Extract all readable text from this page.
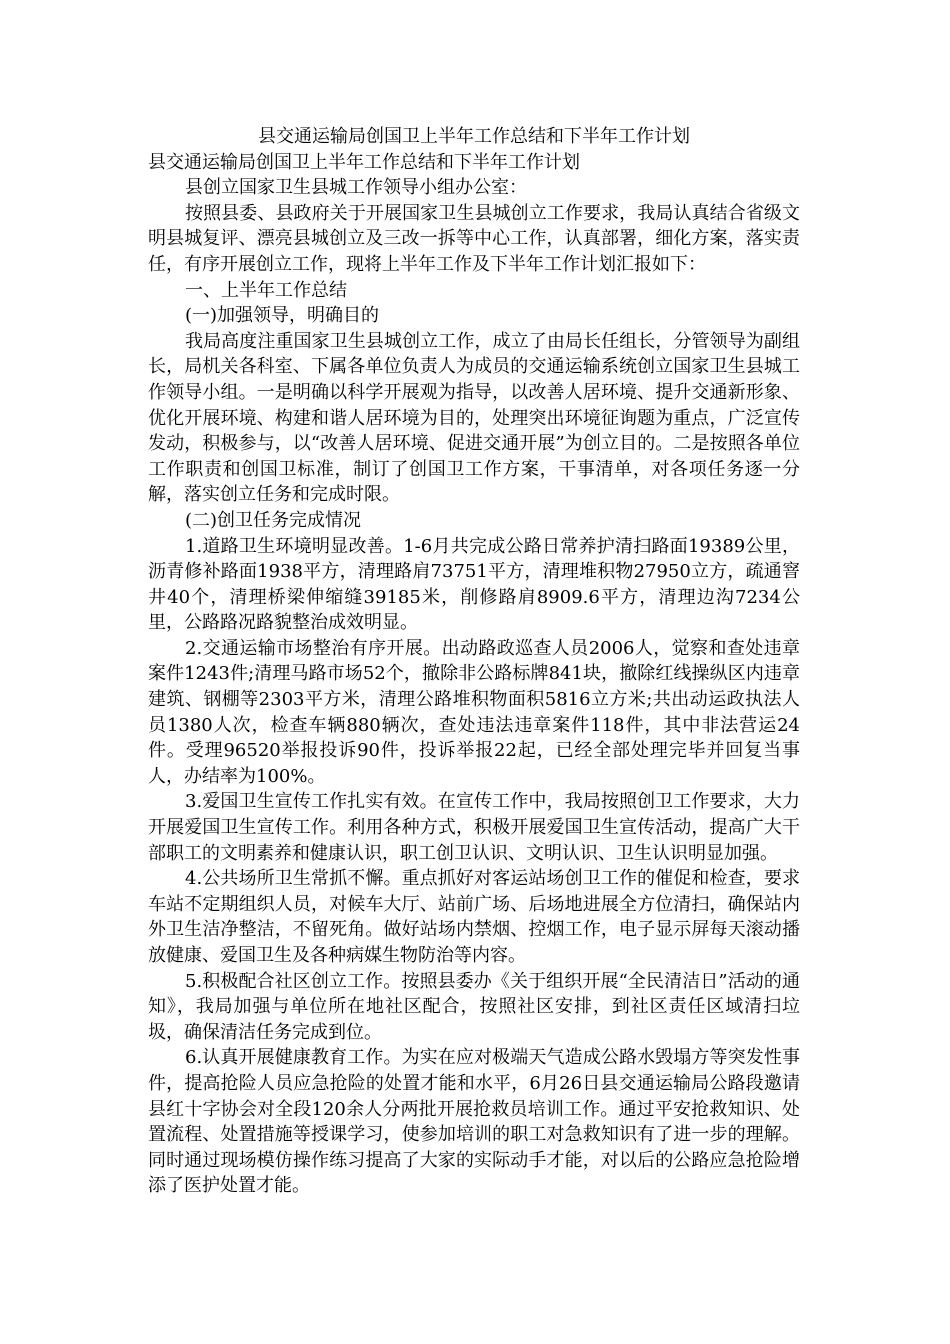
县交通运输局创国卫上半年工作总结和下半年工作计划
县交通运输局创国卫上半年工作总结和下半年工作计划

县创立国家卫生县城工作领导小组办公室：

按照县委、县政府关于开展国家卫生县城创立工作要求，我局认真结合省级文明县城复评、漂亮县城创立及三改一拆等中心工作，认真部署，细化方案，落实责任，有序开展创立工作，现将上半年工作及下半年工作计划汇报如下：

一、上半年工作总结

(一)加强领导，明确目的

我局高度注重国家卫生县城创立工作，成立了由局长任组长，分管领导为副组长，局机关各科室、下属各单位负责人为成员的交通运输系统创立国家卫生县城工作领导小组。一是明确以科学开展观为指导，以改善人居环境、提升交通新形象、优化开展环境、构建和谐人居环境为目的，处理突出环境征询题为重点，广泛宣传发动，积极参与，以“改善人居环境、促进交通开展”为创立目的。二是按照各单位工作职责和创国卫标准，制订了创国卫工作方案，干事清单，对各项任务逐一分解，落实创立任务和完成时限。

(二)创卫任务完成情况

1.道路卫生环境明显改善。1-6月共完成公路日常养护清扫路面19389公里，沥青修补路面1938平方，清理路肩73751平方，清理堆积物27950立方，疏通窨井40个，清理桥梁伸缩缝39185米，削修路肩8909.6平方，清理边沟7234公里，公路路况路貌整治成效明显。

2.交通运输市场整治有序开展。出动路政巡查人员2006人，觉察和查处违章案件1243件;清理马路市场52个，撤除非公路标牌841块，撤除红线操纵区内违章建筑、钢棚等2303平方米，清理公路堆积物面积5816立方米;共出动运政执法人员1380人次，检查车辆880辆次，查处违法违章案件118件，其中非法营运24件。受理96520举报投诉90件，投诉举报22起，已经全部处理完毕并回复当事人，办结率为100%。

3.爱国卫生宣传工作扎实有效。在宣传工作中，我局按照创卫工作要求，大力开展爱国卫生宣传工作。利用各种方式，积极开展爱国卫生宣传活动，提高广大干部职工的文明素养和健康认识，职工创卫认识、文明认识、卫生认识明显加强。

4.公共场所卫生常抓不懈。重点抓好对客运站场创卫工作的催促和检查，要求车站不定期组织人员，对候车大厅、站前广场、后场地进展全方位清扫，确保站内外卫生洁净整洁，不留死角。做好站场内禁烟、控烟工作，电子显示屏每天滚动播放健康、爱国卫生及各种病媒生物防治等内容。

5.积极配合社区创立工作。按照县委办《关于组织开展“全民清洁日”活动的通知》，我局加强与单位所在地社区配合，按照社区安排，到社区责任区域清扫垃圾，确保清洁任务完成到位。

6.认真开展健康教育工作。为实在应对极端天气造成公路水毁塌方等突发性事件，提高抢险人员应急抢险的处置才能和水平，6月26日县交通运输局公路段邀请县红十字协会对全段120余人分两批开展抢救员培训工作。通过平安抢救知识、处置流程、处置措施等授课学习，使参加培训的职工对急救知识有了进一步的理解。同时通过现场模仿操作练习提高了大家的实际动手才能，对以后的公路应急抢险增添了医护处置才能。
